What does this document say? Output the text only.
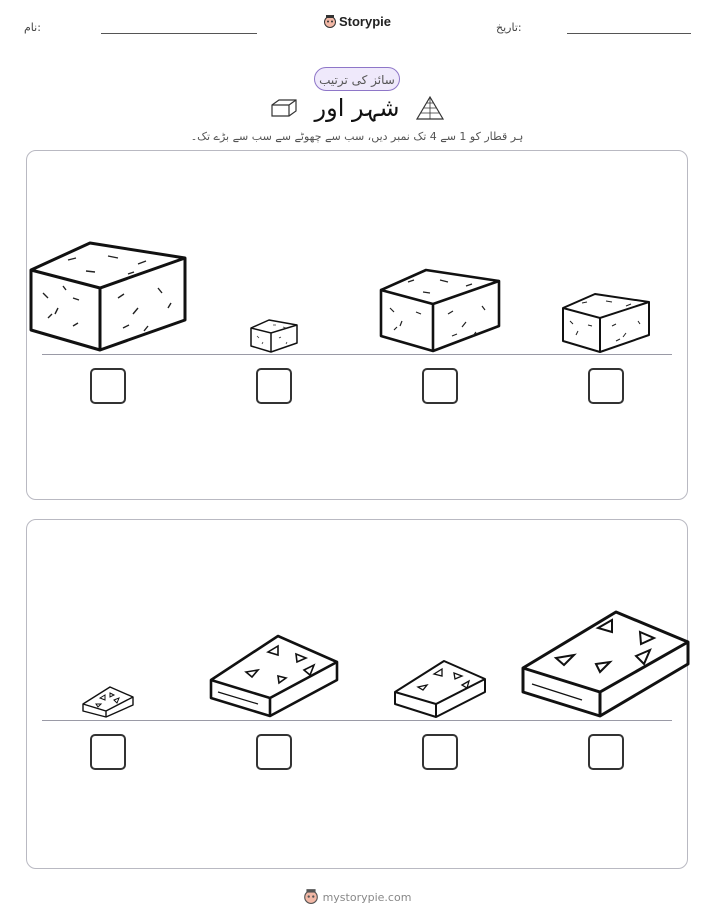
نام:	تاریخ:
Storypie
سائز کی ترتیب
شہر اور
ہر قطار کو 1 سے 4 تک نمبر دیں، سب سے چھوٹے سے سب سے بڑے تک۔
mystorypie.com
